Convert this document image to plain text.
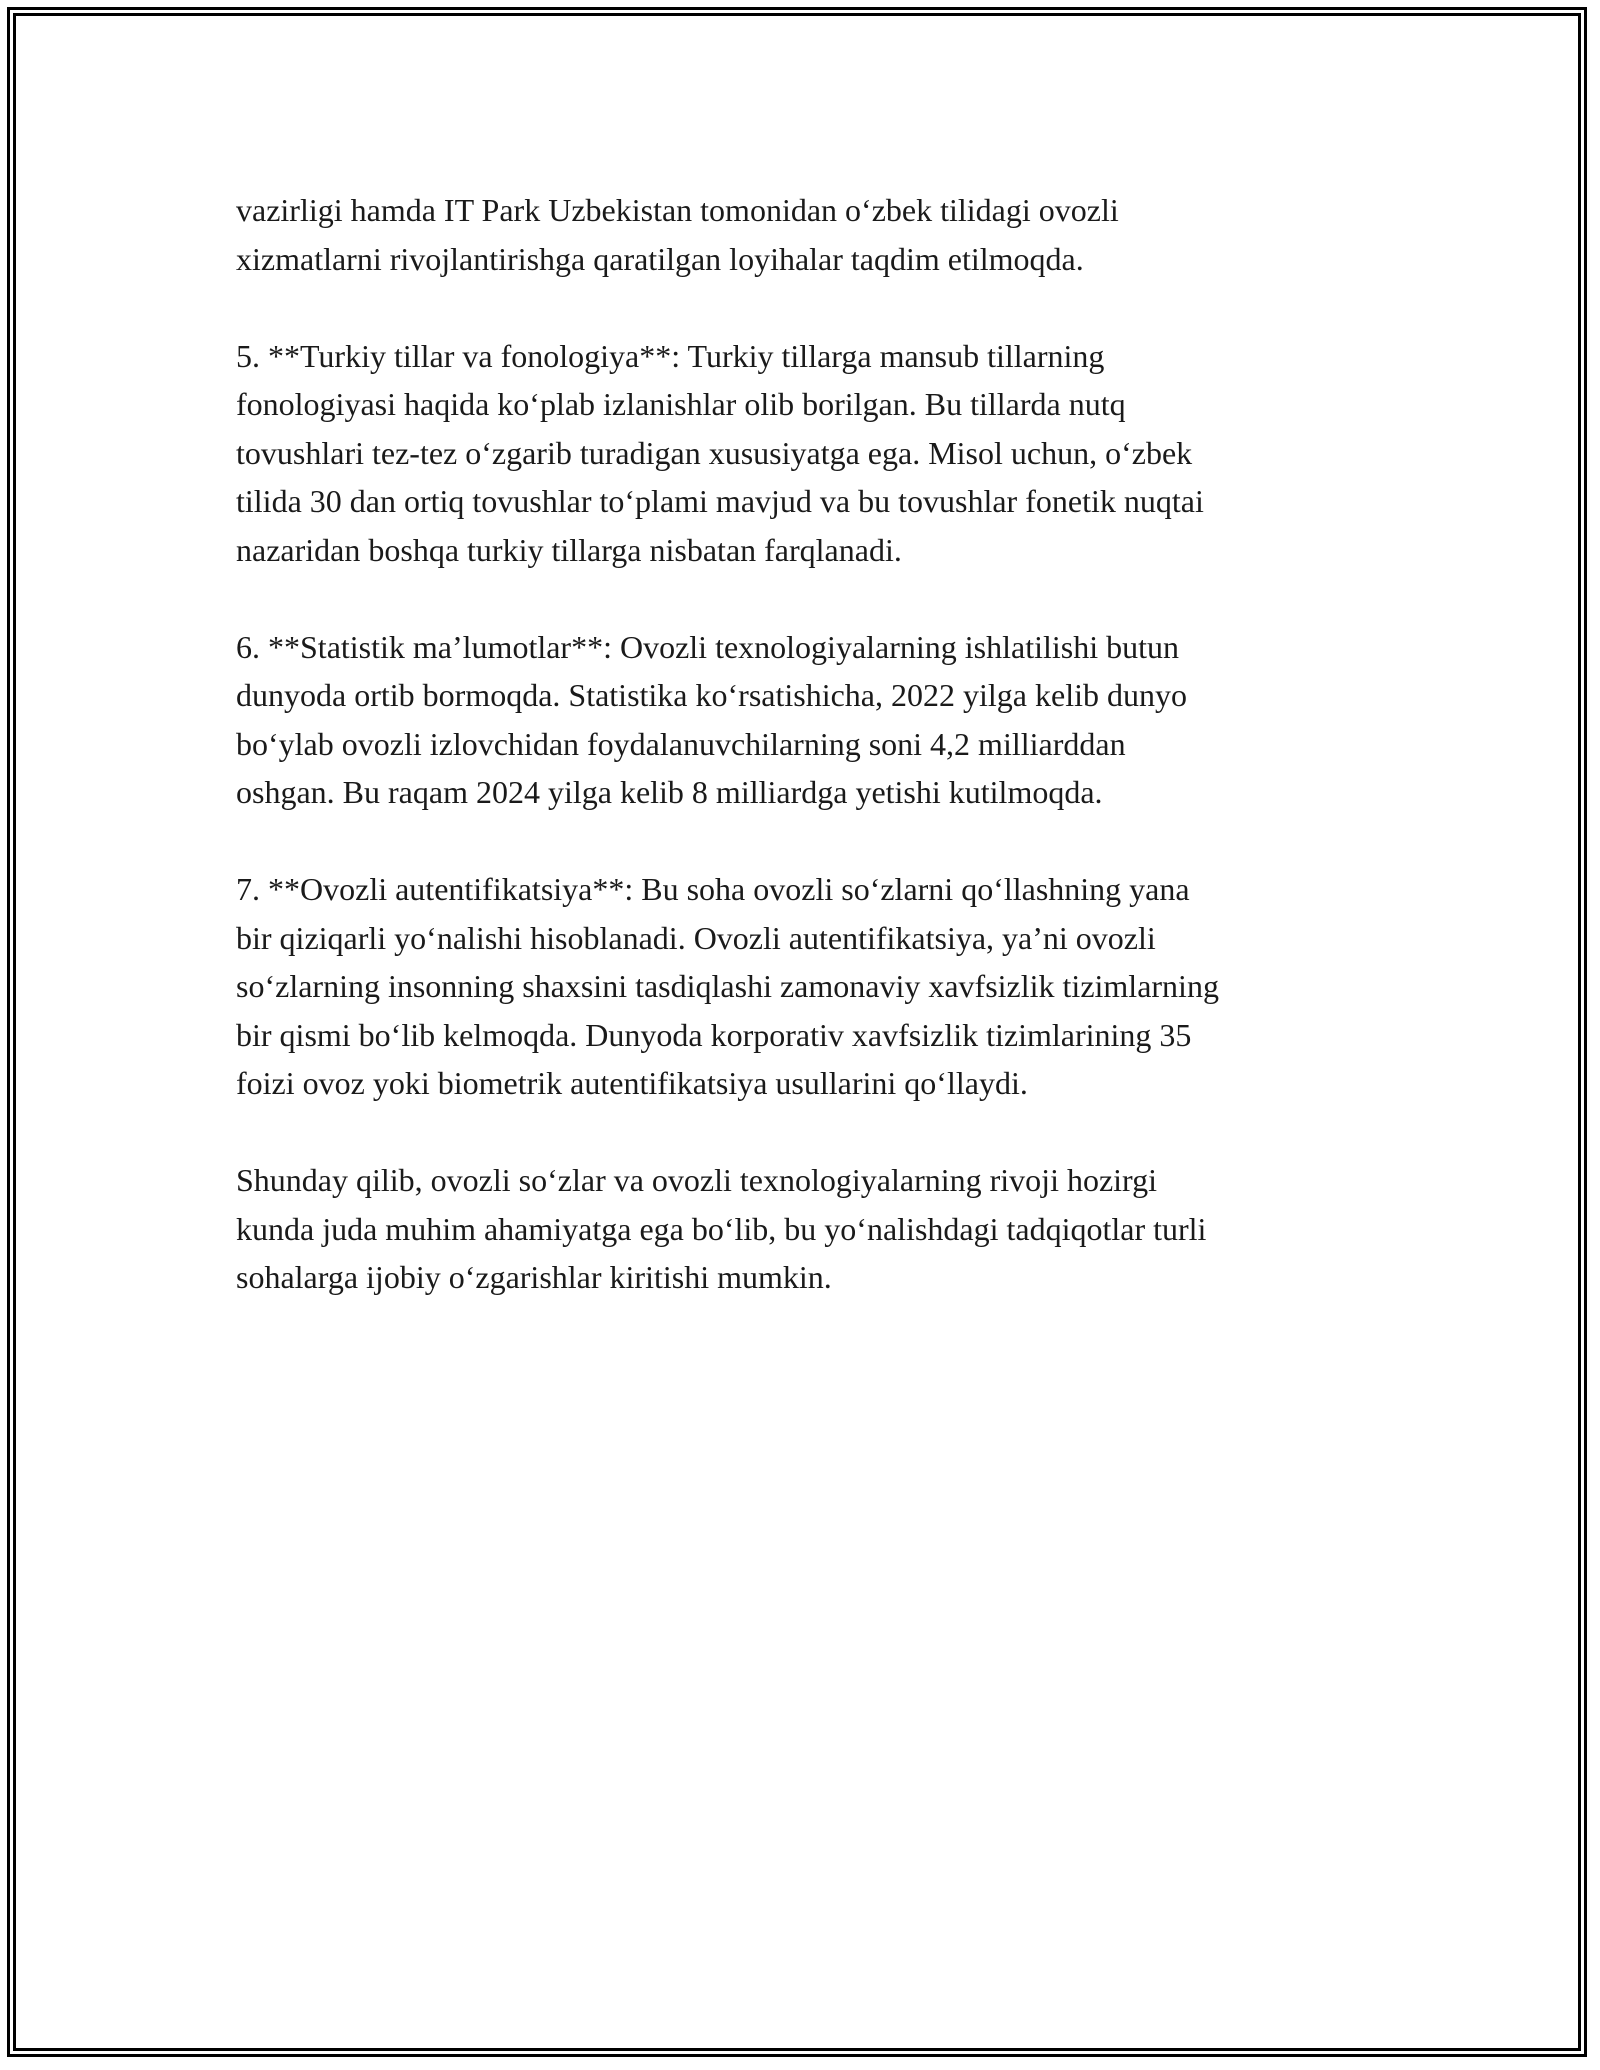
vazirligi hamda IT Park Uzbekistan tomonidan o‘zbek tilidagi ovozli
xizmatlarni rivojlantirishga qaratilgan loyihalar taqdim etilmoqda.

5. **Turkiy tillar va fonologiya**: Turkiy tillarga mansub tillarning
fonologiyasi haqida ko‘plab izlanishlar olib borilgan. Bu tillarda nutq
tovushlari tez-tez o‘zgarib turadigan xususiyatga ega. Misol uchun, o‘zbek
tilida 30 dan ortiq tovushlar to‘plami mavjud va bu tovushlar fonetik nuqtai
nazaridan boshqa turkiy tillarga nisbatan farqlanadi.

6. **Statistik ma’lumotlar**: Ovozli texnologiyalarning ishlatilishi butun
dunyoda ortib bormoqda. Statistika ko‘rsatishicha, 2022 yilga kelib dunyo
bo‘ylab ovozli izlovchidan foydalanuvchilarning soni 4,2 milliarddan
oshgan. Bu raqam 2024 yilga kelib 8 milliardga yetishi kutilmoqda.

7. **Ovozli autentifikatsiya**: Bu soha ovozli so‘zlarni qo‘llashning yana
bir qiziqarli yo‘nalishi hisoblanadi. Ovozli autentifikatsiya, ya’ni ovozli
so‘zlarning insonning shaxsini tasdiqlashi zamonaviy xavfsizlik tizimlarning
bir qismi bo‘lib kelmoqda. Dunyoda korporativ xavfsizlik tizimlarining 35
foizi ovoz yoki biometrik autentifikatsiya usullarini qo‘llaydi.

Shunday qilib, ovozli so‘zlar va ovozli texnologiyalarning rivoji hozirgi
kunda juda muhim ahamiyatga ega bo‘lib, bu yo‘nalishdagi tadqiqotlar turli
sohalarga ijobiy o‘zgarishlar kiritishi mumkin.
